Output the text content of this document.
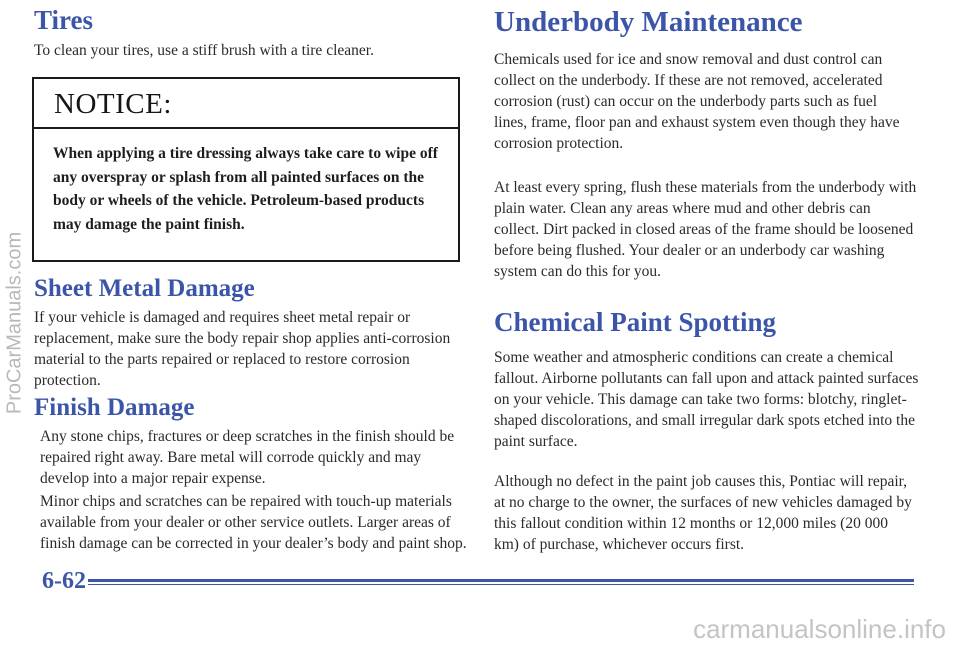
Tires

To clean your tires, use a stiff brush with a tire cleaner.

NOTICE:
When applying a tire dressing always take care to wipe off any overspray or splash from all painted surfaces on the body or wheels of the vehicle. Petroleum-based products may damage the paint finish.
Sheet Metal Damage

If your vehicle is damaged and requires sheet metal repair or replacement, make sure the body repair shop applies anti-corrosion material to the parts repaired or replaced to restore corrosion protection.

Finish Damage

Any stone chips, fractures or deep scratches in the finish should be repaired right away. Bare metal will corrode quickly and may develop into a major repair expense.

Minor chips and scratches can be repaired with touch-up materials available from your dealer or other service outlets. Larger areas of finish damage can be corrected in your dealer’s body and paint shop.

Underbody Maintenance

Chemicals used for ice and snow removal and dust control can collect on the underbody. If these are not removed, accelerated corrosion (rust) can occur on the underbody parts such as fuel lines, frame, floor pan and exhaust system even though they have corrosion protection.

At least every spring, flush these materials from the underbody with plain water. Clean any areas where mud and other debris can collect. Dirt packed in closed areas of the frame should be loosened before being flushed. Your dealer or an underbody car washing system can do this for you.

Chemical Paint Spotting

Some weather and atmospheric conditions can create a chemical fallout. Airborne pollutants can fall upon and attack painted surfaces on your vehicle. This damage can take two forms: blotchy, ringlet-shaped discolorations, and small irregular dark spots etched into the paint surface.

Although no defect in the paint job causes this, Pontiac will repair, at no charge to the owner, the surfaces of new vehicles damaged by this fallout condition within 12 months or 12,000 miles (20 000 km) of purchase, whichever occurs first.

6-62
ProCarManuals.com
carmanualsonline.info
